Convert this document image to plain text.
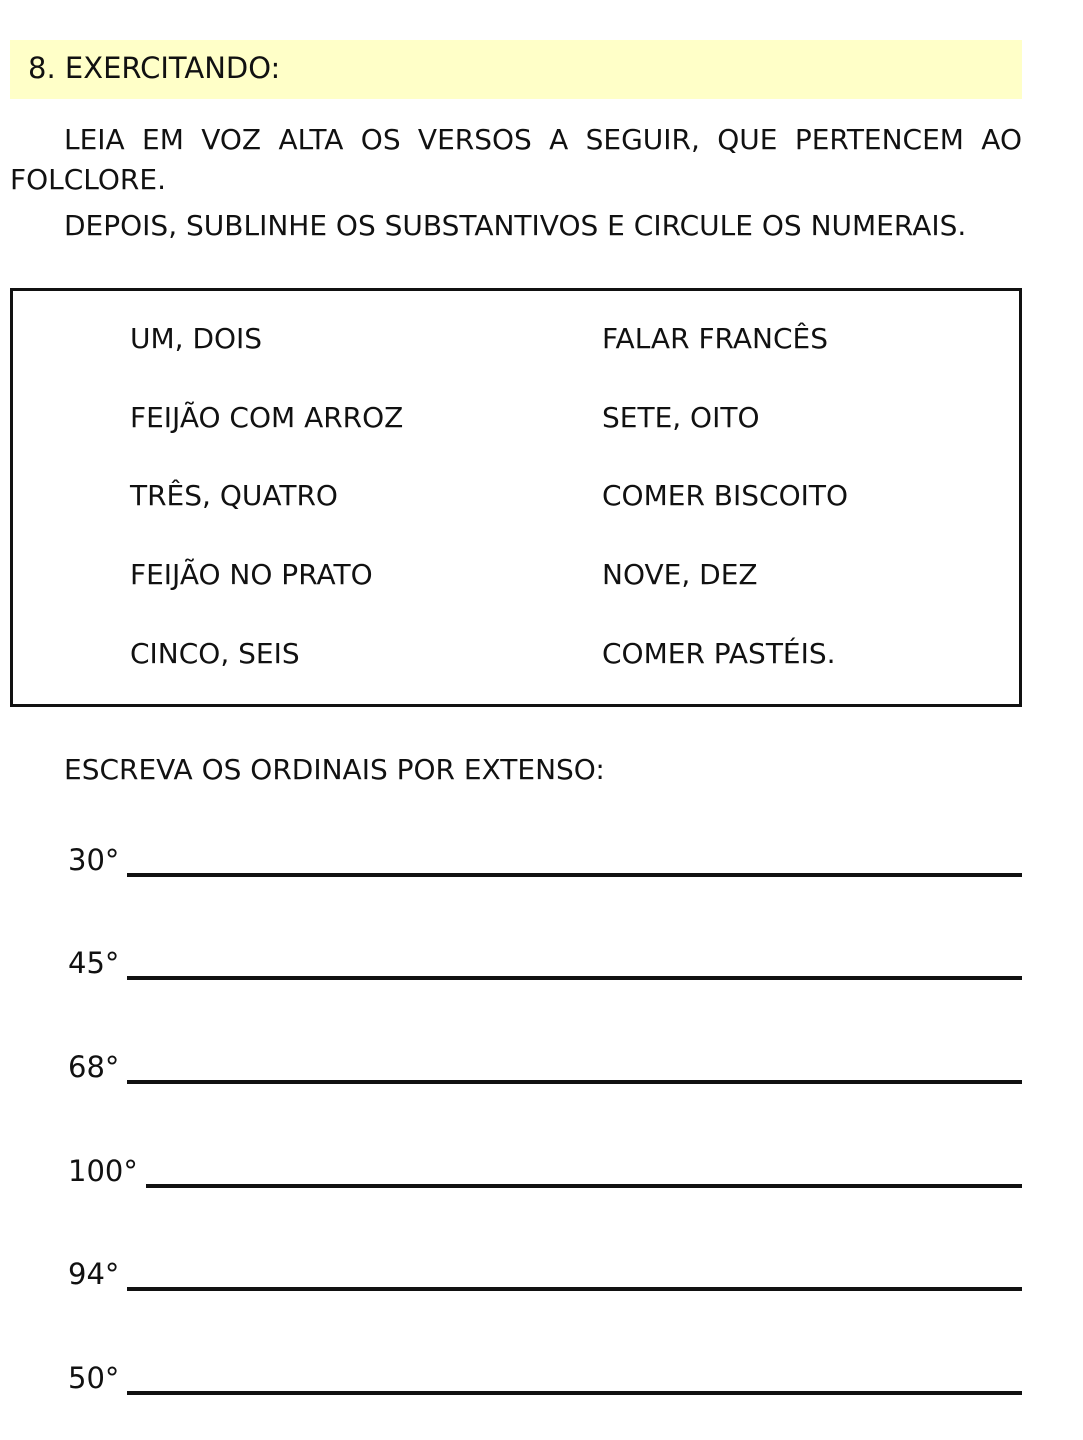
8. EXERCITANDO:

LEIA EM VOZ ALTA OS VERSOS A SEGUIR, QUE PERTENCEM AO FOLCLORE.

DEPOIS, SUBLINHE OS SUBSTANTIVOS E CIRCULE OS NUMERAIS.

UM, DOIS
FEIJÃO COM ARROZ
TRÊS, QUATRO
FEIJÃO NO PRATO
CINCO, SEIS
FALAR FRANCÊS
SETE, OITO
COMER BISCOITO
NOVE, DEZ
COMER PASTÉIS.
ESCREVA OS ORDINAIS POR EXTENSO:
30°
45°
68°
100°
94°
50°
